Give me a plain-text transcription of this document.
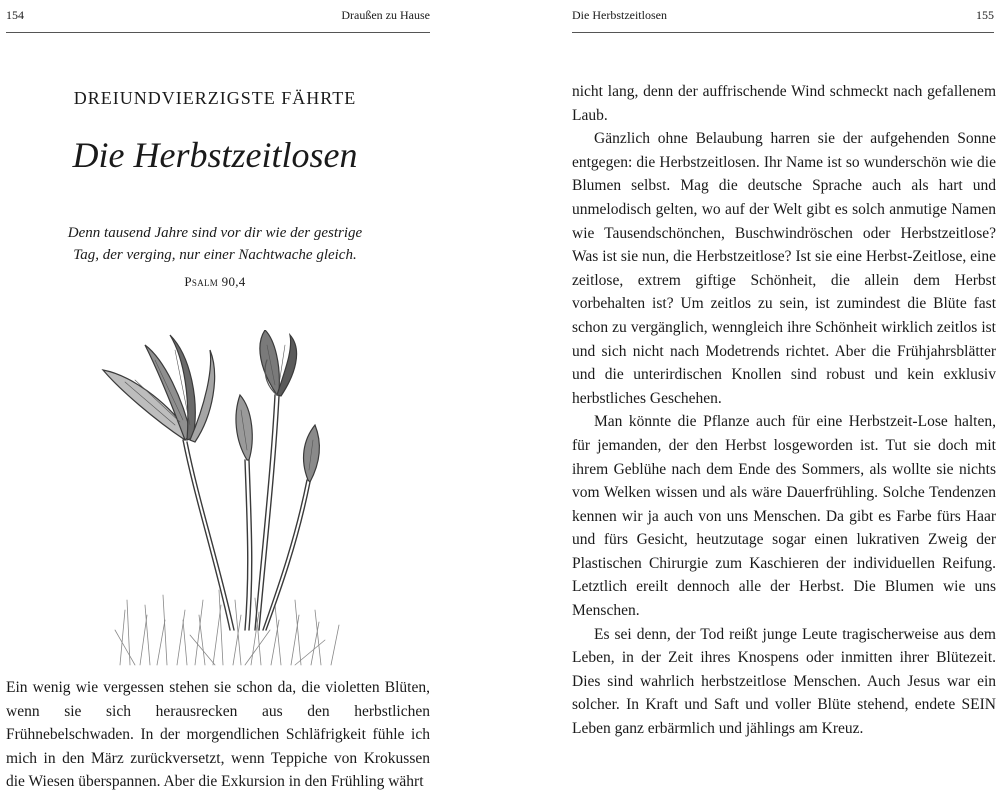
154	Draußen zu Hause
DREIUNDVIERZIGSTE FÄHRTE
Die Herbstzeitlosen
Denn tausend Jahre sind vor dir wie der gestrige
Tag, der verging, nur einer Nachtwache gleich.
Psalm 90,4

Ein wenig wie vergessen stehen sie schon da, die violetten Blüten, wenn sie sich herausrecken aus den herbstlichen Frühnebelschwaden. In der morgendlichen Schläfrigkeit fühle ich mich in den März zurückversetzt, wenn Teppiche von Krokussen die Wiesen überspannen. Aber die Exkursion in den Frühling währt

Die Herbstzeitlosen	155

nicht lang, denn der auffrischende Wind schmeckt nach gefallenem Laub.

Gänzlich ohne Belaubung harren sie der aufgehenden Sonne entgegen: die Herbstzeitlosen. Ihr Name ist so wunderschön wie die Blumen selbst. Mag die deutsche Sprache auch als hart und unmelodisch gelten, wo auf der Welt gibt es solch anmutige Namen wie Tausendschönchen, Buschwindröschen oder Herbstzeitlose? Was ist sie nun, die Herbstzeitlose? Ist sie eine Herbst-Zeitlose, eine zeitlose, extrem giftige Schönheit, die allein dem Herbst vorbehalten ist? Um zeitlos zu sein, ist zumindest die Blüte fast schon zu vergänglich, wenngleich ihre Schönheit wirklich zeitlos ist und sich nicht nach Modetrends richtet. Aber die Frühjahrsblätter und die unterirdischen Knollen sind robust und kein exklusiv herbstliches Geschehen.

Man könnte die Pflanze auch für eine Herbstzeit-Lose halten, für jemanden, der den Herbst losgeworden ist. Tut sie doch mit ihrem Geblühe nach dem Ende des Sommers, als wollte sie nichts vom Welken wissen und als wäre Dauerfrühling. Solche Tendenzen kennen wir ja auch von uns Menschen. Da gibt es Farbe fürs Haar und fürs Gesicht, heutzutage sogar einen lukrativen Zweig der Plastischen Chirurgie zum Kaschieren der individuellen Reifung. Letztlich ereilt dennoch alle der Herbst. Die Blumen wie uns Menschen.

Es sei denn, der Tod reißt junge Leute tragischerweise aus dem Leben, in der Zeit ihres Knospens oder inmitten ihrer Blütezeit. Dies sind wahrlich herbstzeitlose Menschen. Auch Jesus war ein solcher. In Kraft und Saft und voller Blüte stehend, endete SEIN Leben ganz erbärmlich und jählings am Kreuz.
